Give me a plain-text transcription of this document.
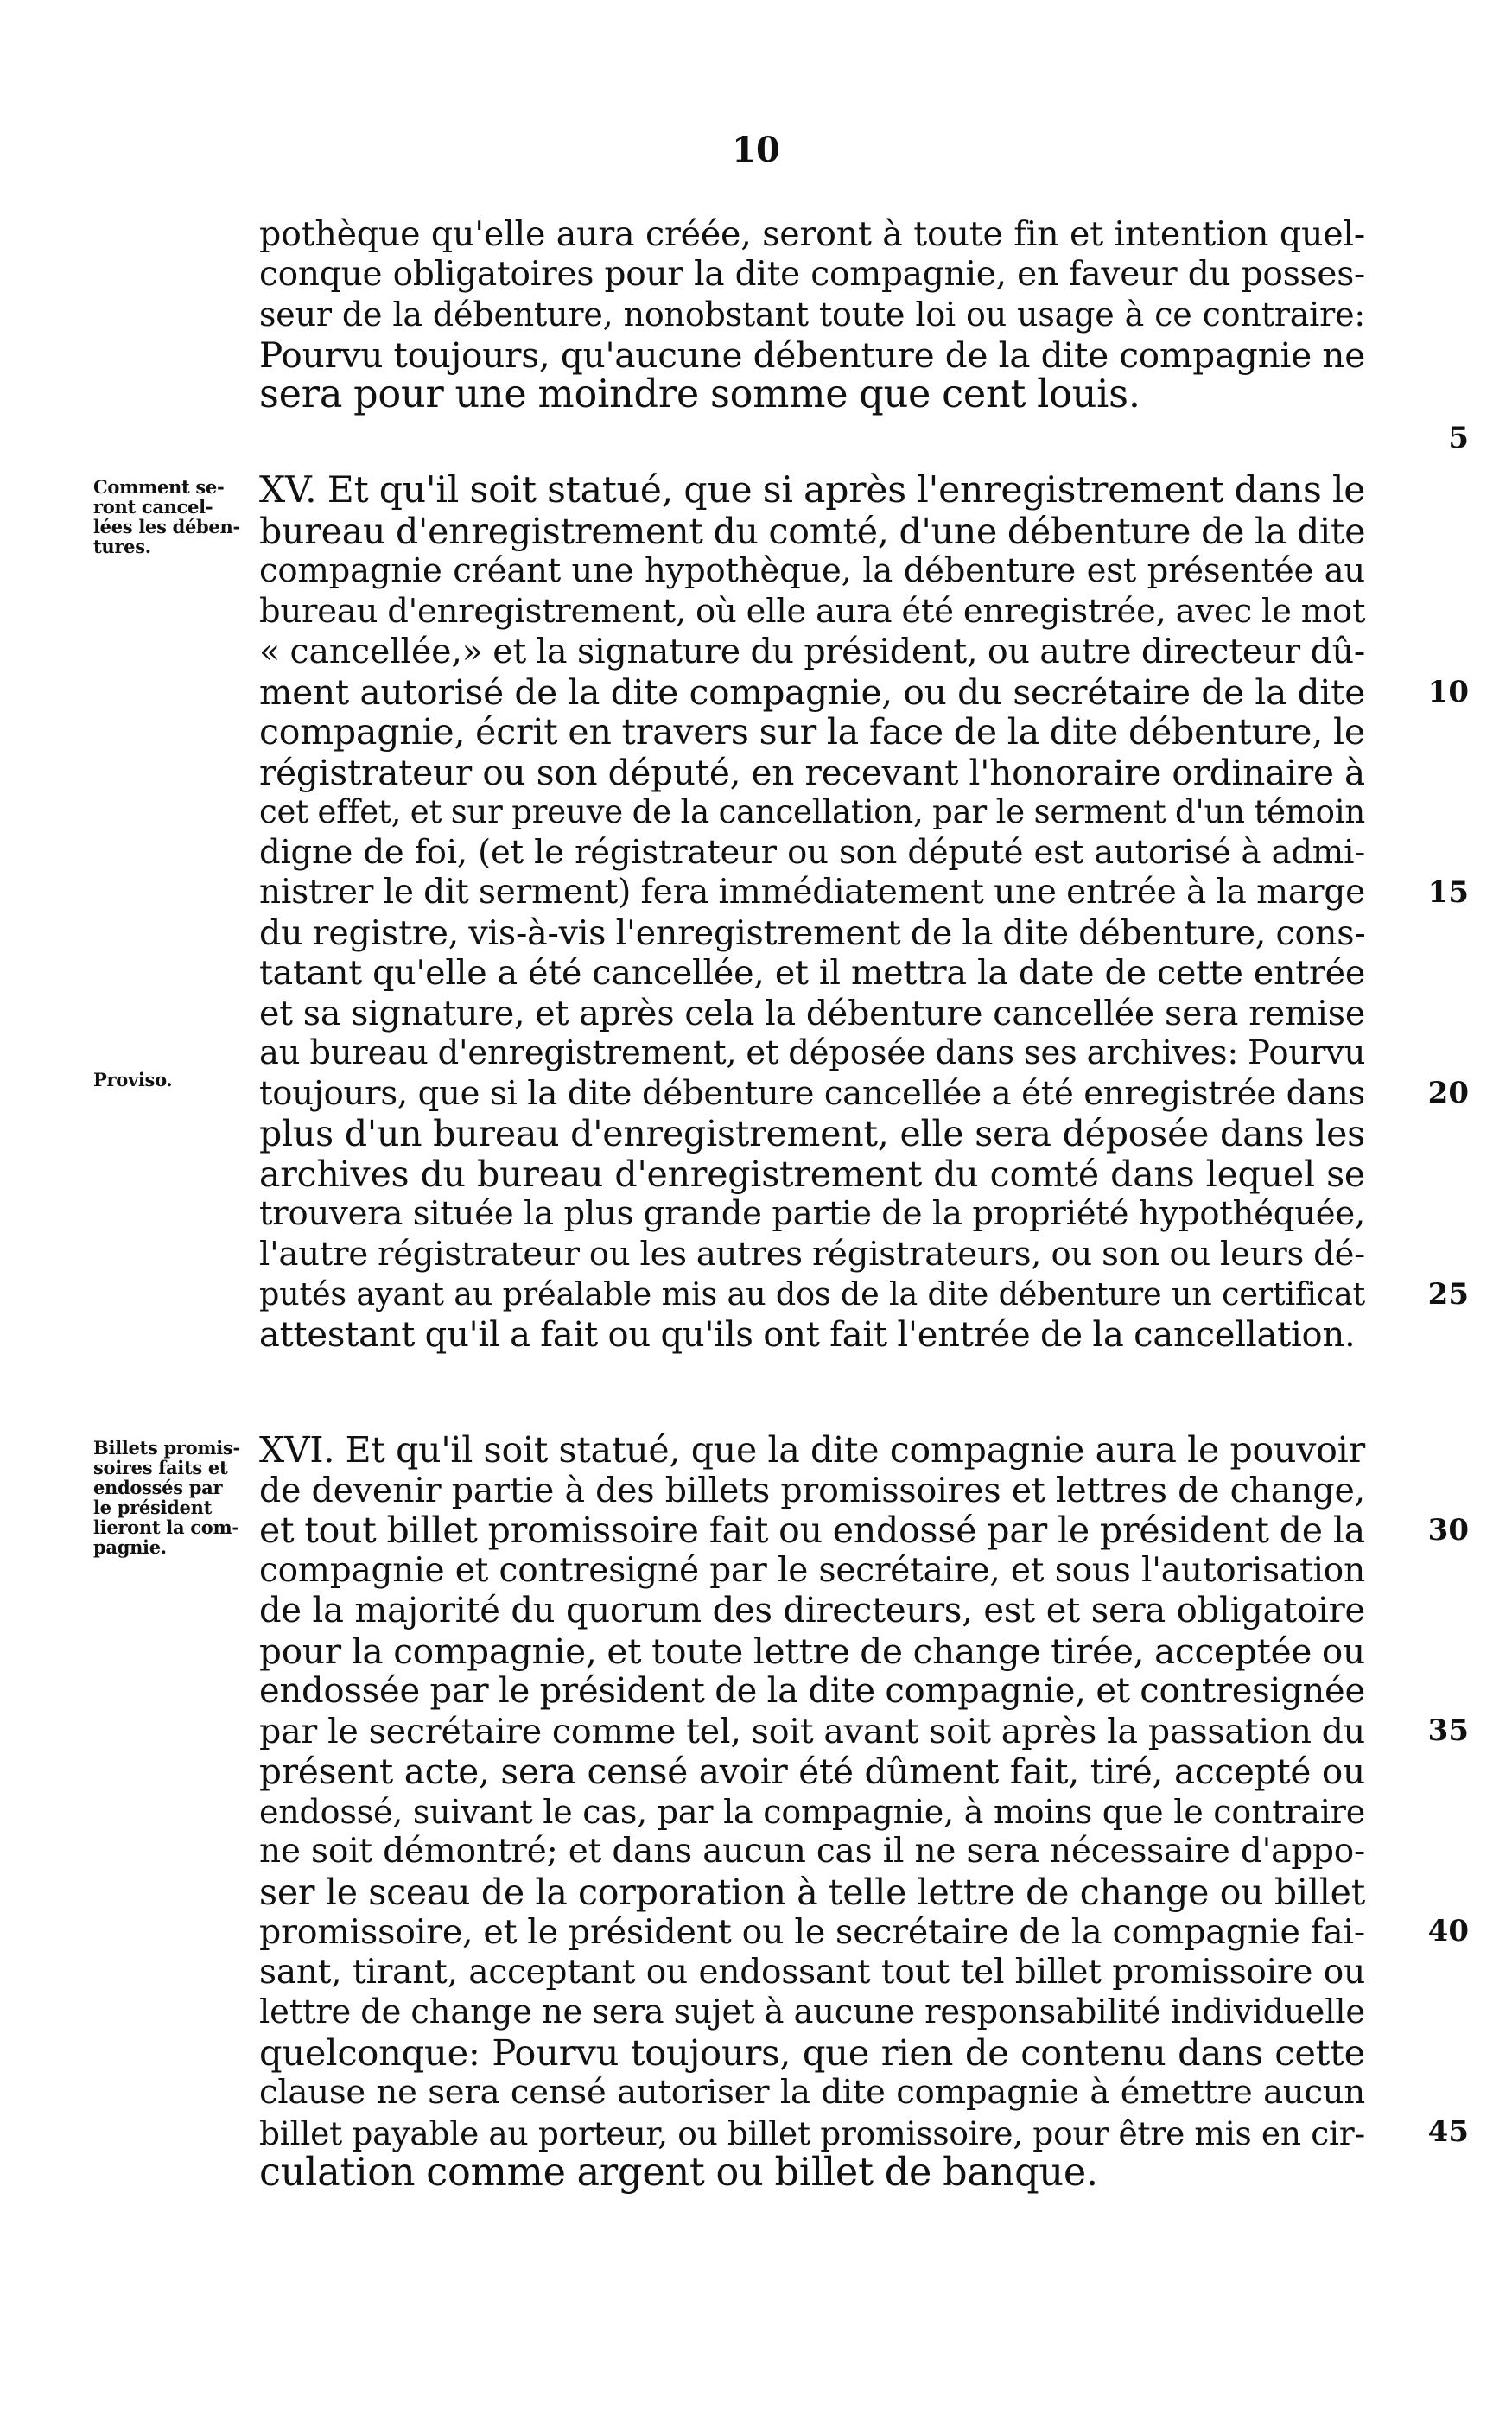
10
pothèque qu'elle aura créée, seront à toute fin et intention quel-
conque obligatoires pour la dite compagnie, en faveur du posses-
seur de la débenture, nonobstant toute loi ou usage à ce contraire:
Pourvu toujours, qu'aucune débenture de la dite compagnie ne
sera pour une moindre somme que cent louis.
Comment se-
ront cancel-
lées les dében-
tures.
Proviso.
XV. Et qu'il soit statué, que si après l'enregistrement dans le
bureau d'enregistrement du comté, d'une débenture de la dite
compagnie créant une hypothèque, la débenture est présentée au
bureau d'enregistrement, où elle aura été enregistrée, avec le mot
« cancellée,» et la signature du président, ou autre directeur dû-
ment autorisé de la dite compagnie, ou du secrétaire de la dite
compagnie, écrit en travers sur la face de la dite débenture, le
régistrateur ou son député, en recevant l'honoraire ordinaire à
cet effet, et sur preuve de la cancellation, par le serment d'un témoin
digne de foi, (et le régistrateur ou son député est autorisé à admi-
nistrer le dit serment) fera immédiatement une entrée à la marge
du registre, vis-à-vis l'enregistrement de la dite débenture, cons-
tatant qu'elle a été cancellée, et il mettra la date de cette entrée
et sa signature, et après cela la débenture cancellée sera remise
au bureau d'enregistrement, et déposée dans ses archives: Pourvu
toujours, que si la dite débenture cancellée a été enregistrée dans
plus d'un bureau d'enregistrement, elle sera déposée dans les
archives du bureau d'enregistrement du comté dans lequel se
trouvera située la plus grande partie de la propriété hypothéquée,
l'autre régistrateur ou les autres régistrateurs, ou son ou leurs dé-
putés ayant au préalable mis au dos de la dite débenture un certificat
attestant qu'il a fait ou qu'ils ont fait l'entrée de la cancellation.
Billets promis-
soires faits et
endossés par
le président
lieront la com-
pagnie.
XVI. Et qu'il soit statué, que la dite compagnie aura le pouvoir
de devenir partie à des billets promissoires et lettres de change,
et tout billet promissoire fait ou endossé par le président de la
compagnie et contresigné par le secrétaire, et sous l'autorisation
de la majorité du quorum des directeurs, est et sera obligatoire
pour la compagnie, et toute lettre de change tirée, acceptée ou
endossée par le président de la dite compagnie, et contresignée
par le secrétaire comme tel, soit avant soit après la passation du
présent acte, sera censé avoir été dûment fait, tiré, accepté ou
endossé, suivant le cas, par la compagnie, à moins que le contraire
ne soit démontré; et dans aucun cas il ne sera nécessaire d'appo-
ser le sceau de la corporation à telle lettre de change ou billet
promissoire, et le président ou le secrétaire de la compagnie fai-
sant, tirant, acceptant ou endossant tout tel billet promissoire ou
lettre de change ne sera sujet à aucune responsabilité individuelle
quelconque: Pourvu toujours, que rien de contenu dans cette
clause ne sera censé autoriser la dite compagnie à émettre aucun
billet payable au porteur, ou billet promissoire, pour être mis en cir-
culation comme argent ou billet de banque.
5
10
15
20
25
30
35
40
45
